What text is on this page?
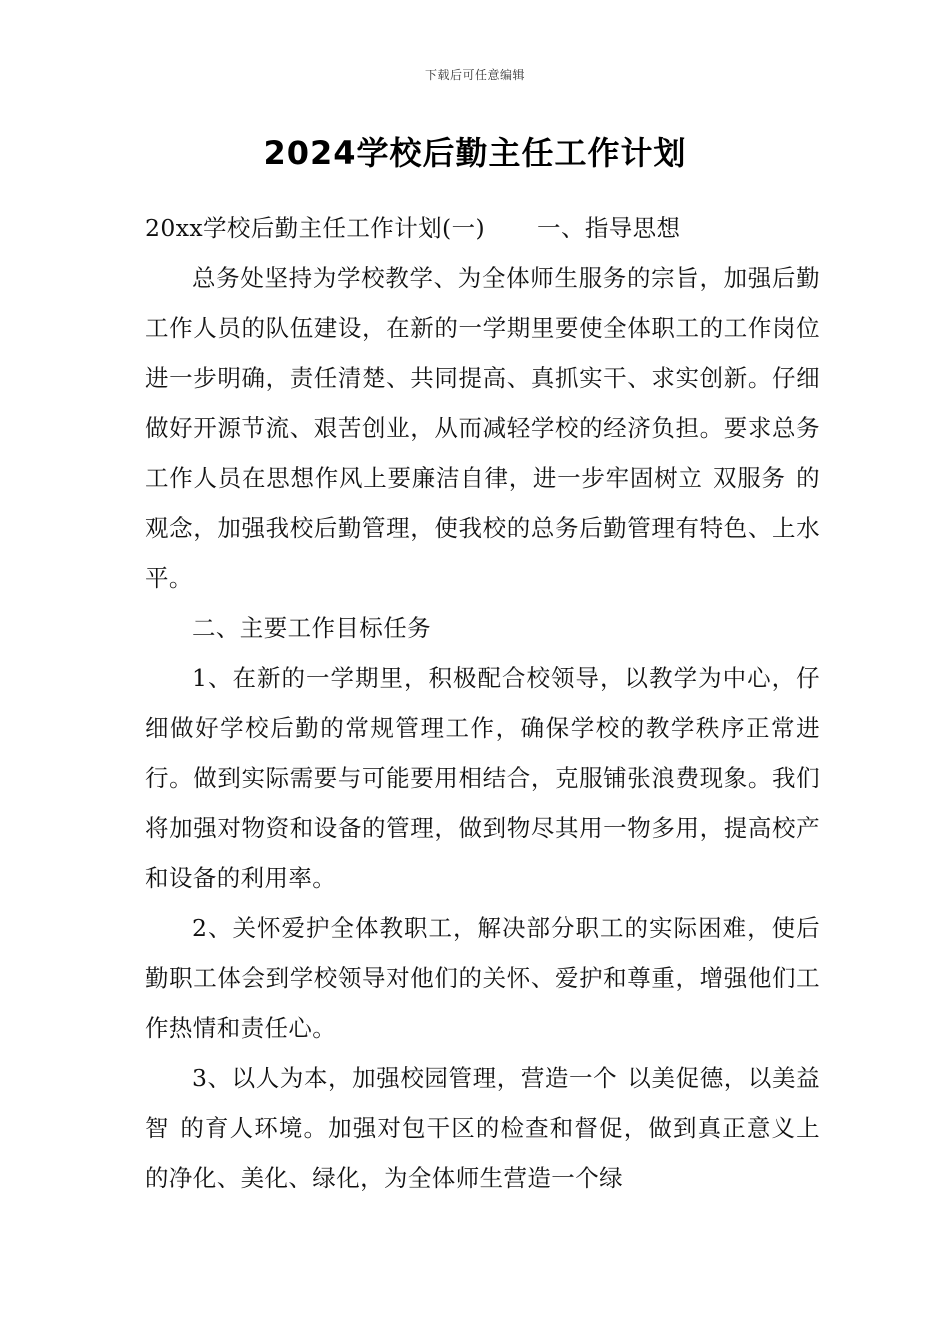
下载后可任意编辑
2024学校后勤主任工作计划

20xx学校后勤主任工作计划(一) 一、指导思想

总务处坚持为学校教学、为全体师生服务的宗旨，加强后勤工作人员的队伍建设，在新的一学期里要使全体职工的工作岗位进一步明确，责任清楚、共同提高、真抓实干、求实创新。仔细做好开源节流、艰苦创业，从而减轻学校的经济负担。要求总务工作人员在思想作风上要廉洁自律，进一步牢固树立 双服务 的观念，加强我校后勤管理，使我校的总务后勤管理有特色、上水平。

二、主要工作目标任务

1、在新的一学期里，积极配合校领导，以教学为中心，仔细做好学校后勤的常规管理工作，确保学校的教学秩序正常进行。做到实际需要与可能要用相结合，克服铺张浪费现象。我们将加强对物资和设备的管理，做到物尽其用一物多用，提高校产和设备的利用率。

2、关怀爱护全体教职工，解决部分职工的实际困难，使后勤职工体会到学校领导对他们的关怀、爱护和尊重，增强他们工作热情和责任心。

3、以人为本，加强校园管理，营造一个 以美促德，以美益智 的育人环境。加强对包干区的检查和督促，做到真正意义上的净化、美化、绿化，为全体师生营造一个绿
